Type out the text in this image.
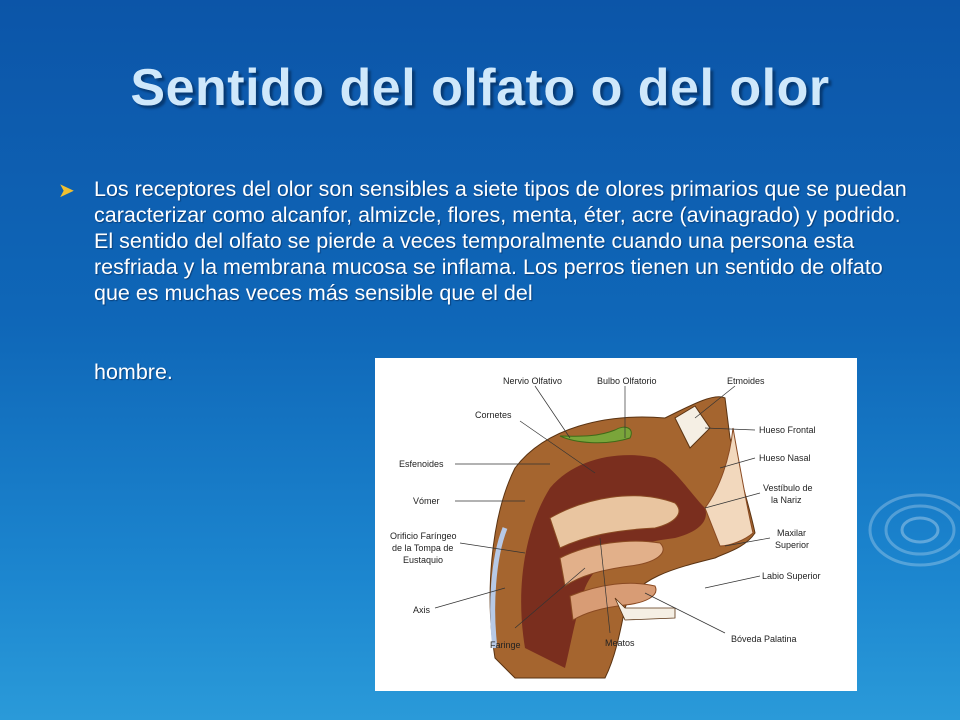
Sentido del olfato o del olor
➤ Los receptores del olor son sensibles a siete tipos de olores primarios que se puedan caracterizar como alcanfor, almizcle, flores, menta, éter, acre (avinagrado) y podrido. El sentido del olfato se pierde a veces temporalmente cuando una persona esta resfriada y la membrana mucosa se inflama. Los perros tienen un sentido de olfato que es muchas veces más sensible que el del
hombre.	Nervio Olfativo	Bulbo Olfatorio	Etmoides
Cornetes
Hueso Frontal
Esfenoides
Hueso Nasal
Vestíbulo de
la Nariz
Vómer
Maxilar
Superior
Orificio Faríngeo
de la Tompa de
Eustaquio
Labio Superior
Axis
Faringe	Meatos	Bóveda Palatina
